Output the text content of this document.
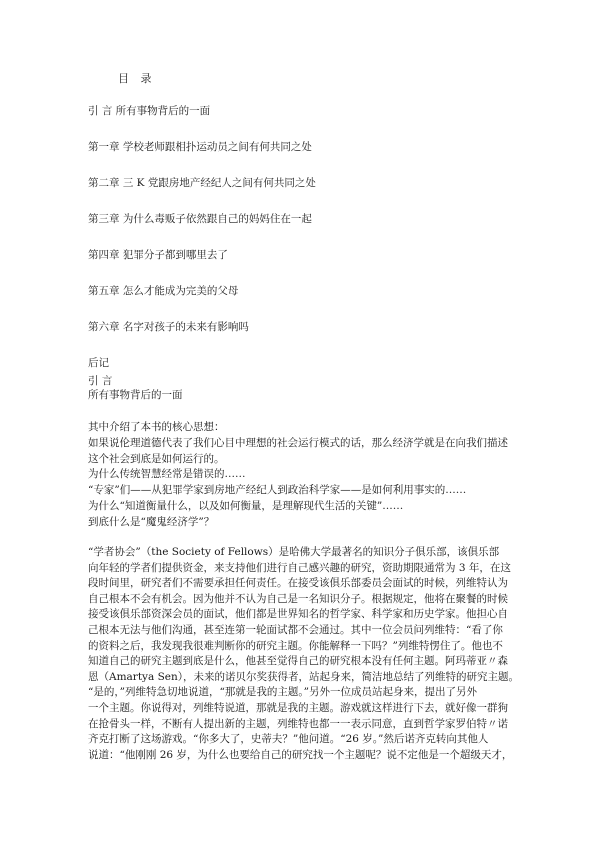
目 录
引 言 所有事物背后的一面
第一章 学校老师跟相扑运动员之间有何共同之处
第二章 三 K 党跟房地产经纪人之间有何共同之处
第三章 为什么毒贩子依然跟自己的妈妈住在一起
第四章 犯罪分子都到哪里去了
第五章 怎么才能成为完美的父母
第六章 名字对孩子的未来有影响吗
后记
引 言
所有事物背后的一面
其中介绍了本书的核心思想：
如果说伦理道德代表了我们心目中理想的社会运行模式的话，那么经济学就是在向我们描述
这个社会到底是如何运行的。
为什么传统智慧经常是错误的……
“专家”们——从犯罪学家到房地产经纪人到政治科学家——是如何利用事实的……
为什么“知道衡量什么，以及如何衡量，是理解现代生活的关键”……
到底什么是“魔鬼经济学”？
“学者协会”（the Society of Fellows）是哈佛大学最著名的知识分子俱乐部，该俱乐部
向年轻的学者们提供资金，来支持他们进行自己感兴趣的研究，资助期限通常为 3 年，在这
段时间里，研究者们不需要承担任何责任。在接受该俱乐部委员会面试的时候，列维特认为
自己根本不会有机会。因为他并不认为自己是一名知识分子。根据规定，他将在聚餐的时候
接受该俱乐部资深会员的面试，他们都是世界知名的哲学家、科学家和历史学家。他担心自
己根本无法与他们沟通，甚至连第一轮面试都不会通过。其中一位会员问列维特：“看了你
的资料之后，我发现我很难判断你的研究主题。你能解释一下吗？”列维特愣住了。他也不
知道自己的研究主题到底是什么，他甚至觉得自己的研究根本没有任何主题。阿玛蒂亚〃森
恩（Amartya Sen），未来的诺贝尔奖获得者，站起身来，简洁地总结了列维特的研究主题。
“是的，”列维特急切地说道，“那就是我的主题。”另外一位成员站起身来，提出了另外
一个主题。你说得对，列维特说道，那就是我的主题。游戏就这样进行下去，就好像一群狗
在抢骨头一样，不断有人提出新的主题，列维特也都一一表示同意，直到哲学家罗伯特〃诺
齐克打断了这场游戏。“你多大了，史蒂夫？”他问道。“26 岁。”然后诺齐克转向其他人
说道：“他刚刚 26 岁，为什么也要给自己的研究找一个主题呢？说不定他是一个超级天才，
